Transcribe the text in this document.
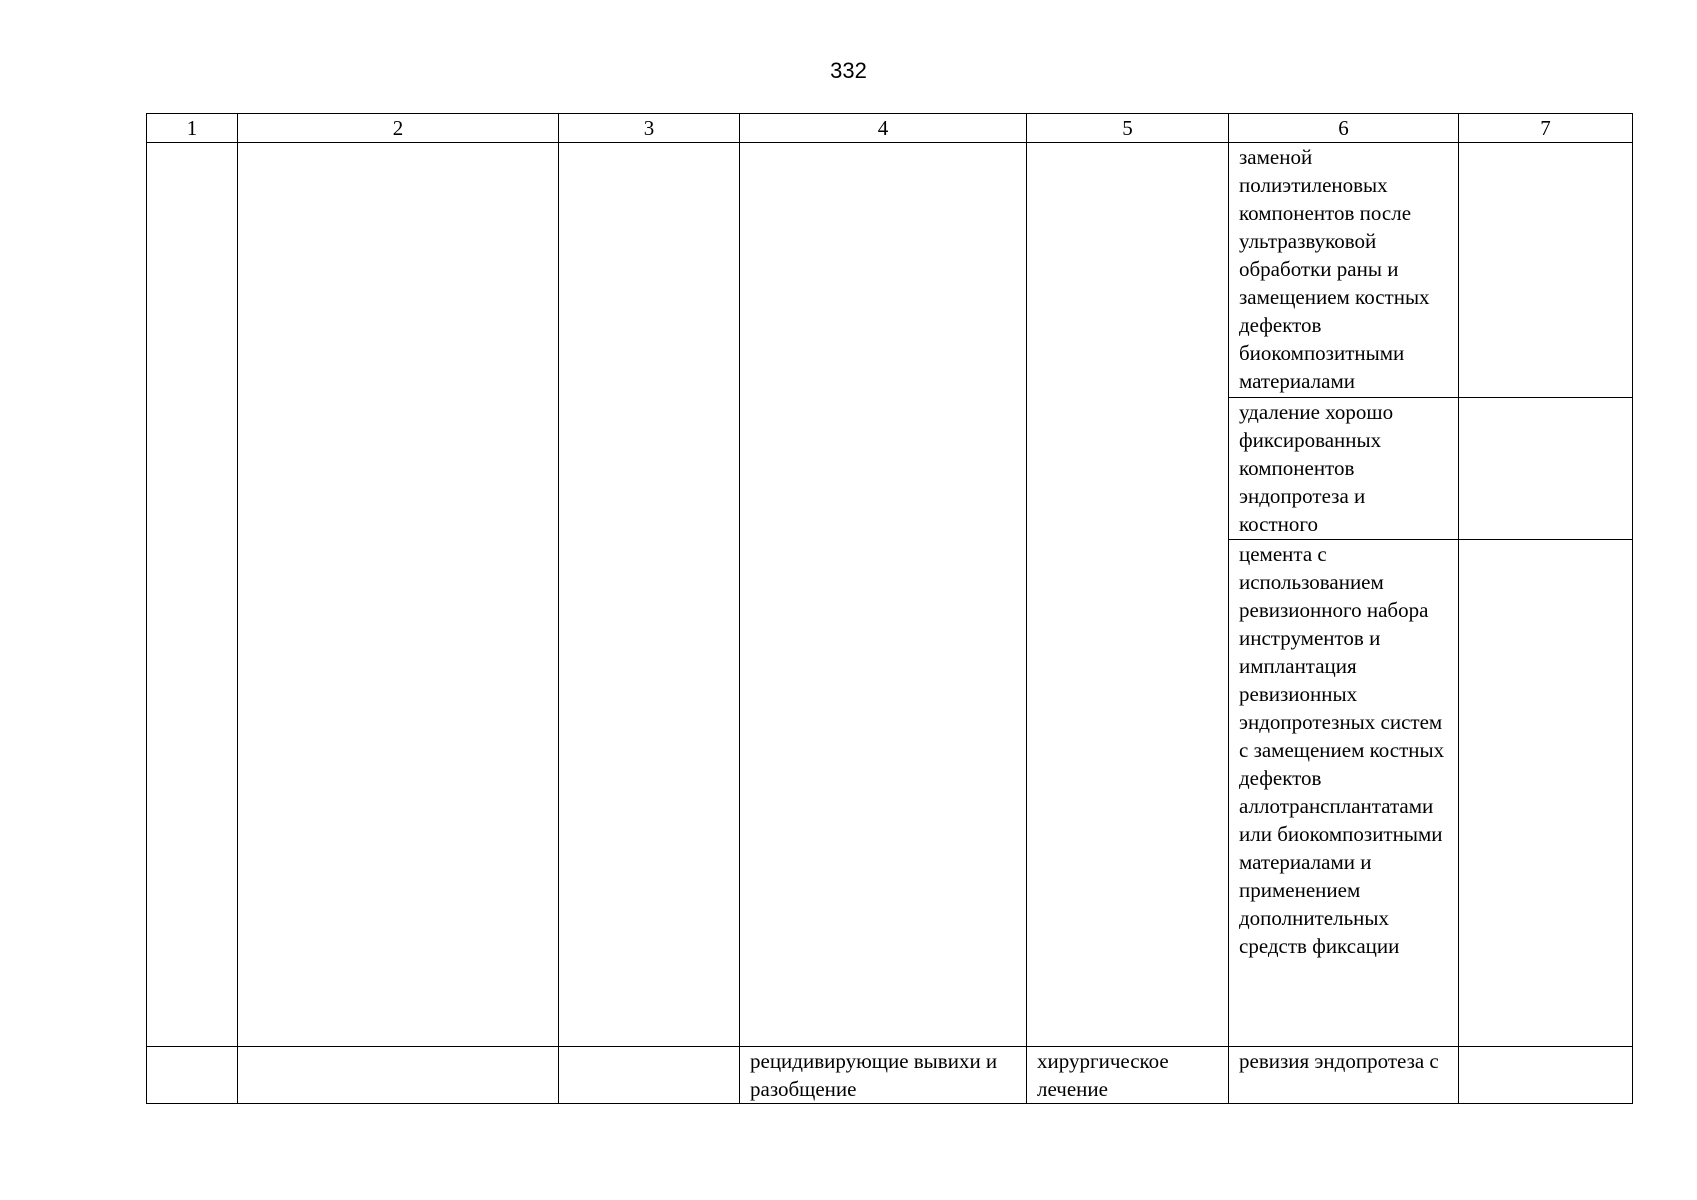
332
1	2	3	4	5	6	7

					заменой полиэтиленовых компонентов после ультразвуковой обработки раны и замещением костных дефектов биокомпозитными материалами	

					удаление хорошо фиксированных компонентов эндопротеза и костного	

					цемента с использованием ревизионного набора инструментов и имплантация ревизионных эндопротезных систем с замещением костных дефектов аллотрансплантатами или биокомпозитными материалами и применением дополнительных средств фиксации	

			рецидивирующие вывихи и разобщение	хирургическое лечение	ревизия эндопротеза с	
